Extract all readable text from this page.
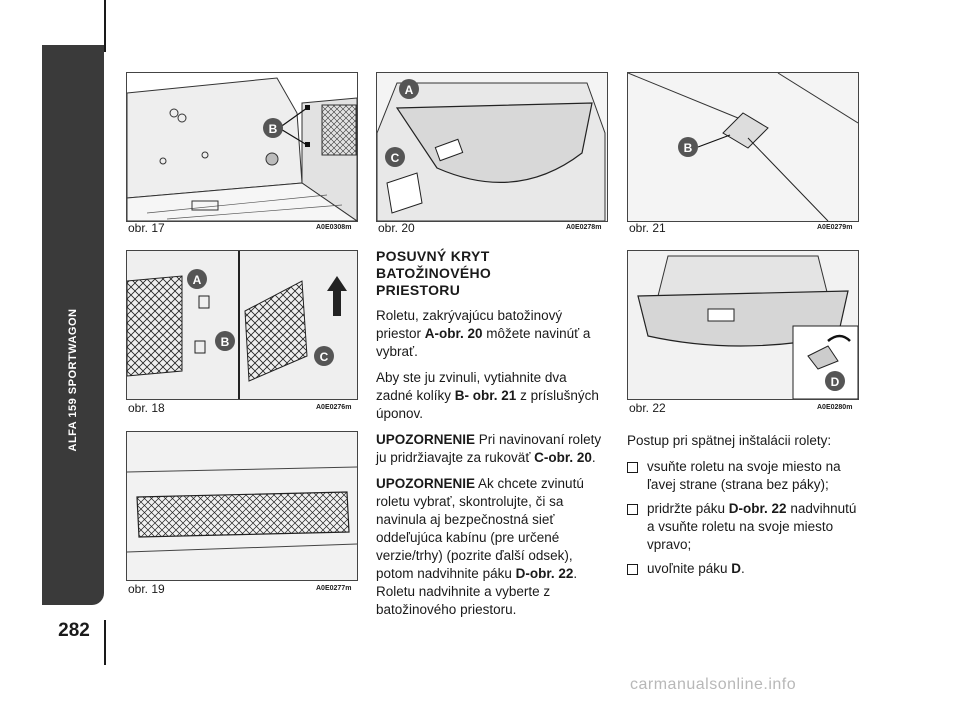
ALFA 159 SPORTWAGON
282
B
obr. 17	A0E0308m
A
B
C
obr. 18	A0E0276m
obr. 19	A0E0277m
A
C
obr. 20	A0E0278m
B
obr. 21	A0E0279m
D
obr. 22	A0E0280m
POSUVNÝ KRYT
BATOŽINOVÉHO
PRIESTORU

Roletu, zakrývajúcu batožinový priestor A-obr. 20 môžete navinúť a vybrať.

Aby ste ju zvinuli, vytiahnite dva zadné kolíky B- obr. 21 z príslušných úponov.

UPOZORNENIE Pri navinovaní rolety ju pridržiavajte za rukoväť C-obr. 20.

UPOZORNENIE Ak chcete zvinutú roletu vybrať, skontrolujte, či sa navinula aj bezpečnostná sieť oddeľujúca kabínu (pre určené verzie/trhy) (pozrite ďalší odsek), potom nadvihnite páku D-obr. 22. Roletu nadvihnite a vyberte z batožinového priestoru.

Postup pri spätnej inštalácii rolety:

vsuňte roletu na svoje miesto na ľavej strane (strana bez páky);
pridržte páku D-obr. 22 nadvihnutú a vsuňte roletu na svoje miesto vpravo;
uvoľnite páku D.
carmanualsonline.info
